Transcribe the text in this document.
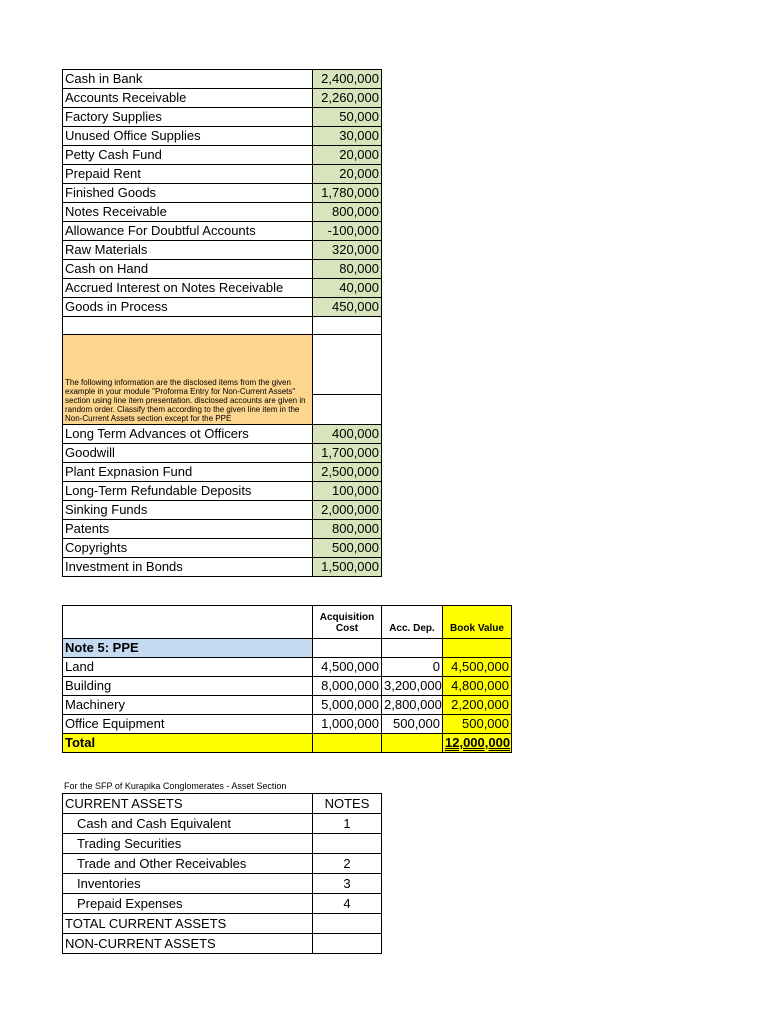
Cash in Bank	2,400,000
Accounts Receivable	2,260,000
Factory Supplies	50,000
Unused Office Supplies	30,000
Petty Cash Fund	20,000
Prepaid Rent	20,000
Finished Goods	1,780,000
Notes Receivable	800,000
Allowance For Doubtful Accounts	-100,000
Raw Materials	320,000
Cash on Hand	80,000
Accrued Interest on Notes Receivable	40,000
Goods in Process	450,000

The following information are the disclosed items from the given example in your module "Proforma Entry for Non-Current Assets" section using line item presentation. disclosed accounts are given in random order. Classify them according to the given line item in the Non-Current Assets section except for the PPE	

Long Term Advances ot Officers	400,000
Goodwill	1,700,000
Plant Expnasion Fund	2,500,000
Long-Term Refundable Deposits	100,000
Sinking Funds	2,000,000
Patents	800,000
Copyrights	500,000
Investment in Bonds	1,500,000
	Acquisition Cost	Acc. Dep.	Book Value
Note 5: PPE			
Land	4,500,000	0	4,500,000
Building	8,000,000	3,200,000	4,800,000
Machinery	5,000,000	2,800,000	2,200,000
Office Equipment	1,000,000	500,000	500,000
Total			12,000,000
For the SFP of Kurapika Conglomerates - Asset Section
CURRENT ASSETS	NOTES
Cash and Cash Equivalent	1
Trading Securities	
Trade and Other Receivables	2
Inventories	3
Prepaid Expenses	4
TOTAL CURRENT ASSETS	
NON-CURRENT ASSETS	
